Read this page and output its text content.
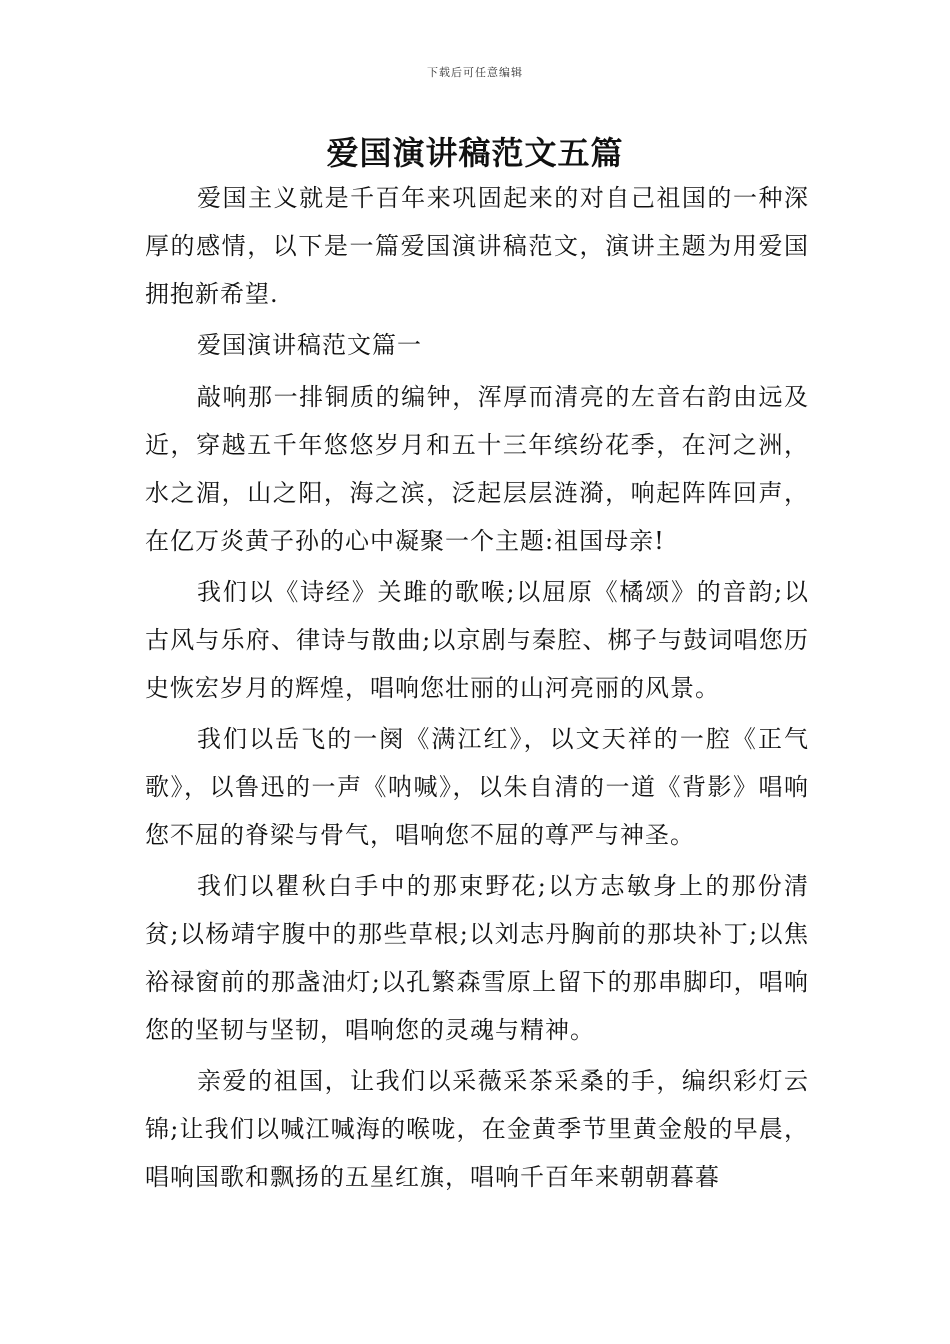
下载后可任意编辑
爱国演讲稿范文五篇

爱国主义就是千百年来巩固起来的对自己祖国的一种深厚的感情，以下是一篇爱国演讲稿范文，演讲主题为用爱国拥抱新希望.

爱国演讲稿范文篇一

敲响那一排铜质的编钟，浑厚而清亮的左音右韵由远及近，穿越五千年悠悠岁月和五十三年缤纷花季，在河之洲，水之湄，山之阳，海之滨，泛起层层涟漪，响起阵阵回声，在亿万炎黄子孙的心中凝聚一个主题:祖国母亲!

我们以《诗经》关雎的歌喉;以屈原《橘颂》的音韵;以古风与乐府、律诗与散曲;以京剧与秦腔、梆子与鼓词唱您历史恢宏岁月的辉煌，唱响您壮丽的山河亮丽的风景。

我们以岳飞的一阕《满江红》，以文天祥的一腔《正气歌》，以鲁迅的一声《呐喊》，以朱自清的一道《背影》唱响您不屈的脊梁与骨气，唱响您不屈的尊严与神圣。

我们以瞿秋白手中的那束野花;以方志敏身上的那份清贫;以杨靖宇腹中的那些草根;以刘志丹胸前的那块补丁;以焦裕禄窗前的那盏油灯;以孔繁森雪原上留下的那串脚印，唱响您的坚韧与坚韧，唱响您的灵魂与精神。

亲爱的祖国，让我们以采薇采茶采桑的手，编织彩灯云锦;让我们以喊江喊海的喉咙，在金黄季节里黄金般的早晨，唱响国歌和飘扬的五星红旗，唱响千百年来朝朝暮暮
